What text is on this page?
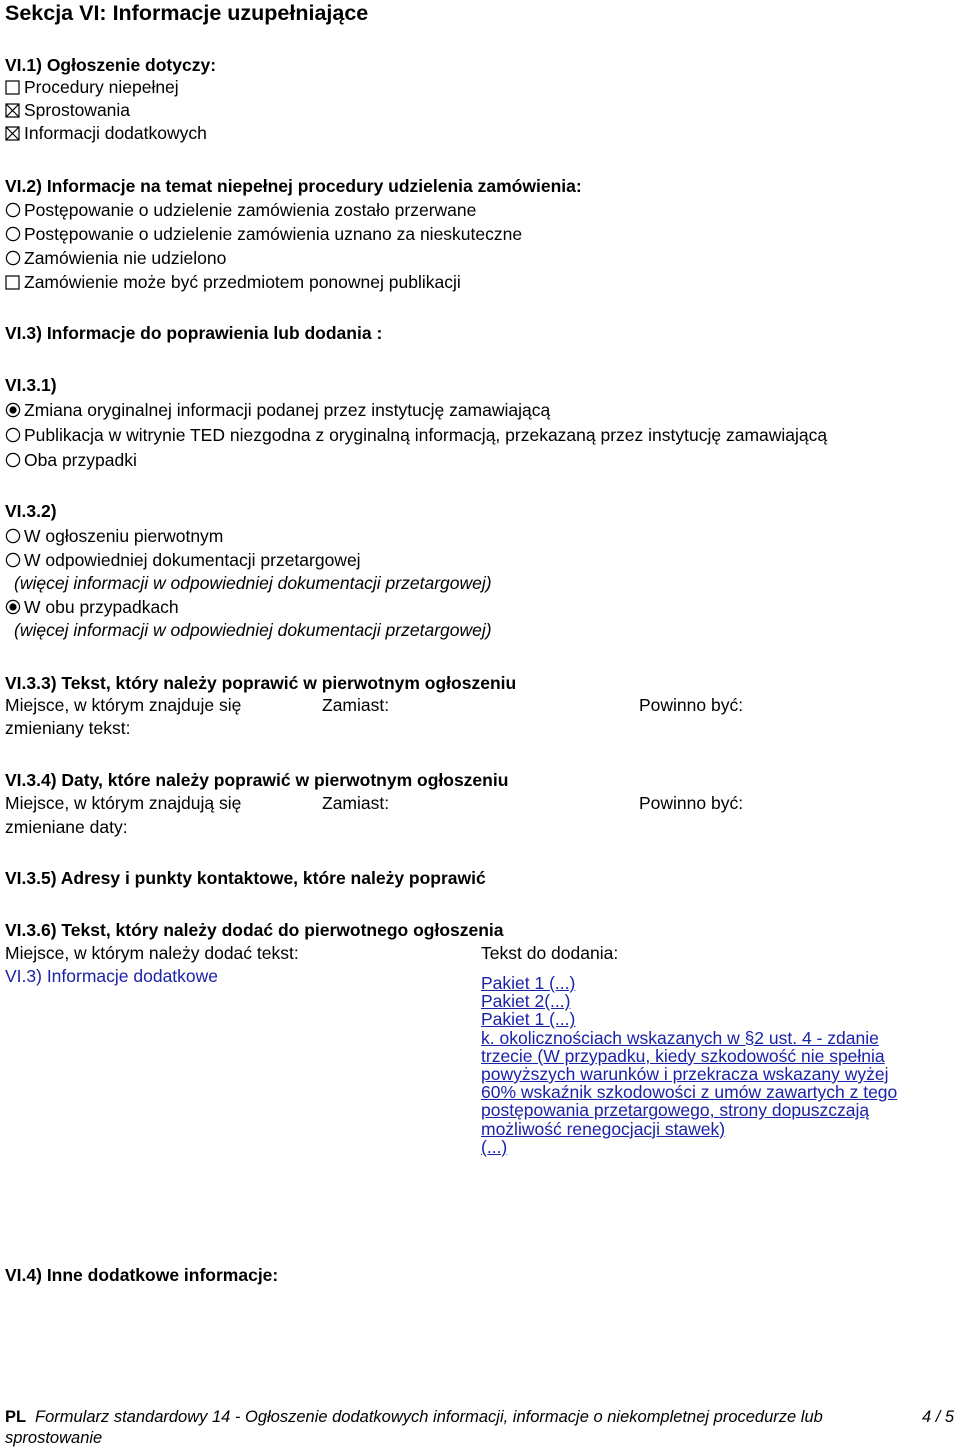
Sekcja VI: Informacje uzupełniające
VI.1) Ogłoszenie dotyczy:
Procedury niepełnej
Sprostowania
Informacji dodatkowych
VI.2) Informacje na temat niepełnej procedury udzielenia zamówienia:
Postępowanie o udzielenie zamówienia zostało przerwane
Postępowanie o udzielenie zamówienia uznano za nieskuteczne
Zamówienia nie udzielono
Zamówienie może być przedmiotem ponownej publikacji
VI.3) Informacje do poprawienia lub dodania :
VI.3.1)
Zmiana oryginalnej informacji podanej przez instytucję zamawiającą
Publikacja w witrynie TED niezgodna z oryginalną informacją, przekazaną przez instytucję zamawiającą
Oba przypadki
VI.3.2)
W ogłoszeniu pierwotnym
W odpowiedniej dokumentacji przetargowej
(więcej informacji w odpowiedniej dokumentacji przetargowej)
W obu przypadkach
(więcej informacji w odpowiedniej dokumentacji przetargowej)
VI.3.3) Tekst, który należy poprawić w pierwotnym ogłoszeniu
Miejsce, w którym znajduje się
zmieniany tekst:
Zamiast:	Powinno być:
VI.3.4) Daty, które należy poprawić w pierwotnym ogłoszeniu
Miejsce, w którym znajdują się
zmieniane daty:
Zamiast:	Powinno być:
VI.3.5) Adresy i punkty kontaktowe, które należy poprawić
VI.3.6) Tekst, który należy dodać do pierwotnego ogłoszenia
Miejsce, w którym należy dodać tekst:	Tekst do dodania:
VI.3) Informacje dodatkowe	Pakiet 1 (...)
Pakiet 2(...)
Pakiet 1 (...)
k. okolicznościach wskazanych w §2 ust. 4 - zdanie
trzecie (W przypadku, kiedy szkodowość nie spełnia
powyższych warunków i przekracza wskazany wyżej
60% wskaźnik szkodowości z umów zawartych z tego
postępowania przetargowego, strony dopuszczają
możliwość renegocjacji stawek)
(...)
VI.4) Inne dodatkowe informacje:
PL Formularz standardowy 14 - Ogłoszenie dodatkowych informacji, informacje o niekompletnej procedurze lub
sprostowanie
4 / 5
